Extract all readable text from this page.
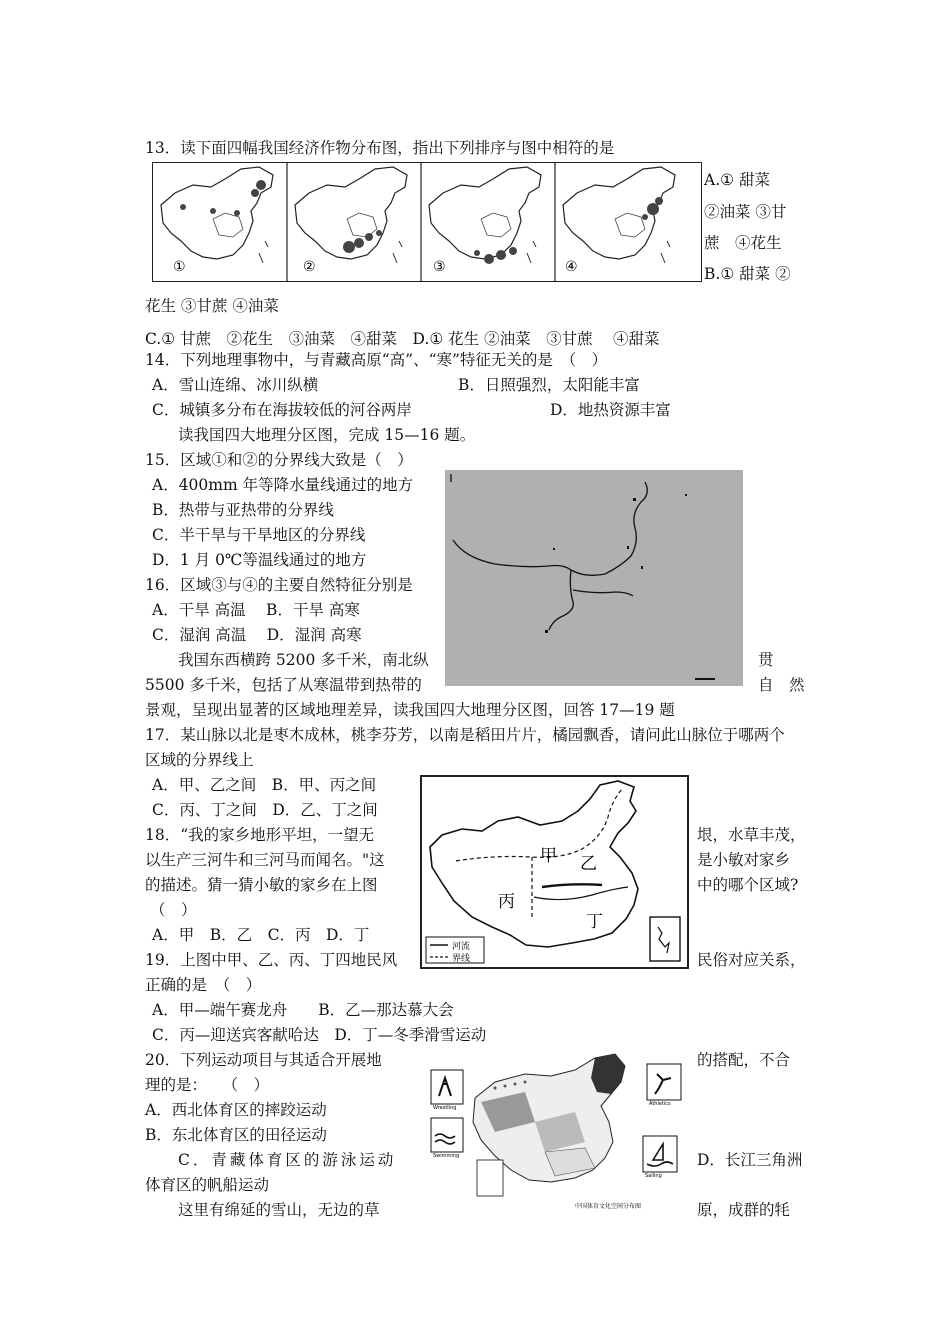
13．读下面四幅我国经济作物分布图，指出下列排序与图中相符的是
①	②	③	④
A.① 甜菜
②油菜 ③甘
蔗　④花生
B.① 甜菜 ②
花生 ③甘蔗 ④油菜
C.① 甘蔗　②花生　③油菜　④甜菜　D.① 花生 ②油菜　③甘蔗　 ④甜菜
14．下列地理事物中，与青藏高原“高”、“寒”特征无关的是　（　）
A．雪山连绵、冰川纵横	B．日照强烈，太阳能丰富
C．城镇多分布在海拔较低的河谷两岸	D．地热资源丰富
读我国四大地理分区图，完成 15—16 题。
15．区域①和②的分界线大致是（　）
A．400mm 年等降水量线通过的地方
B．热带与亚热带的分界线
C．半干旱与干旱地区的分界线
D．1 月 0℃等温线通过的地方
16．区域③与④的主要自然特征分别是
A．干旱 高温　 B．干旱 高寒
C．湿润 高温　 D．湿润 高寒
我国东西横跨 5200 多千米，南北纵	贯
5500 多千米，包括了从寒温带到热带的	自　然
景观，呈现出显著的区域地理差异，读我国四大地理分区图，回答 17—19 题
17．某山脉以北是枣木成林，桃李芬芳，以南是稻田片片，橘园飘香，请问此山脉位于哪两个
区域的分界线上
A．甲、乙之间　B．甲、丙之间
C．丙、丁之间　D．乙、丁之间
甲 乙
丙
丁
河流
界线
18．“我的家乡地形平坦，一望无	垠，水草丰茂，
以生产三河牛和三河马而闻名。"这	是小敏对家乡
的描述。猜一猜小敏的家乡在上图	中的哪个区域?
（　）
A．甲　B．乙　C．丙　D．丁
19．上图中甲、乙、丙、丁四地民风	民俗对应关系，
正确的是　（　）
A．甲—端午赛龙舟　　B．乙—那达慕大会
C．丙—迎送宾客献哈达　D．丁—冬季滑雪运动
20．下列运动项目与其适合开展地	的搭配，不合
理的是：　　（　）
A．西北体育区的摔跤运动
B．东北体育区的田径运动
C．青藏体育区的游泳运动	D．长江三角洲
体育区的帆船运动
Wrestling
Swimming
Athletics
Sailing
中国体育文化空间分布图
这里有绵延的雪山，无边的草	原，成群的牦
